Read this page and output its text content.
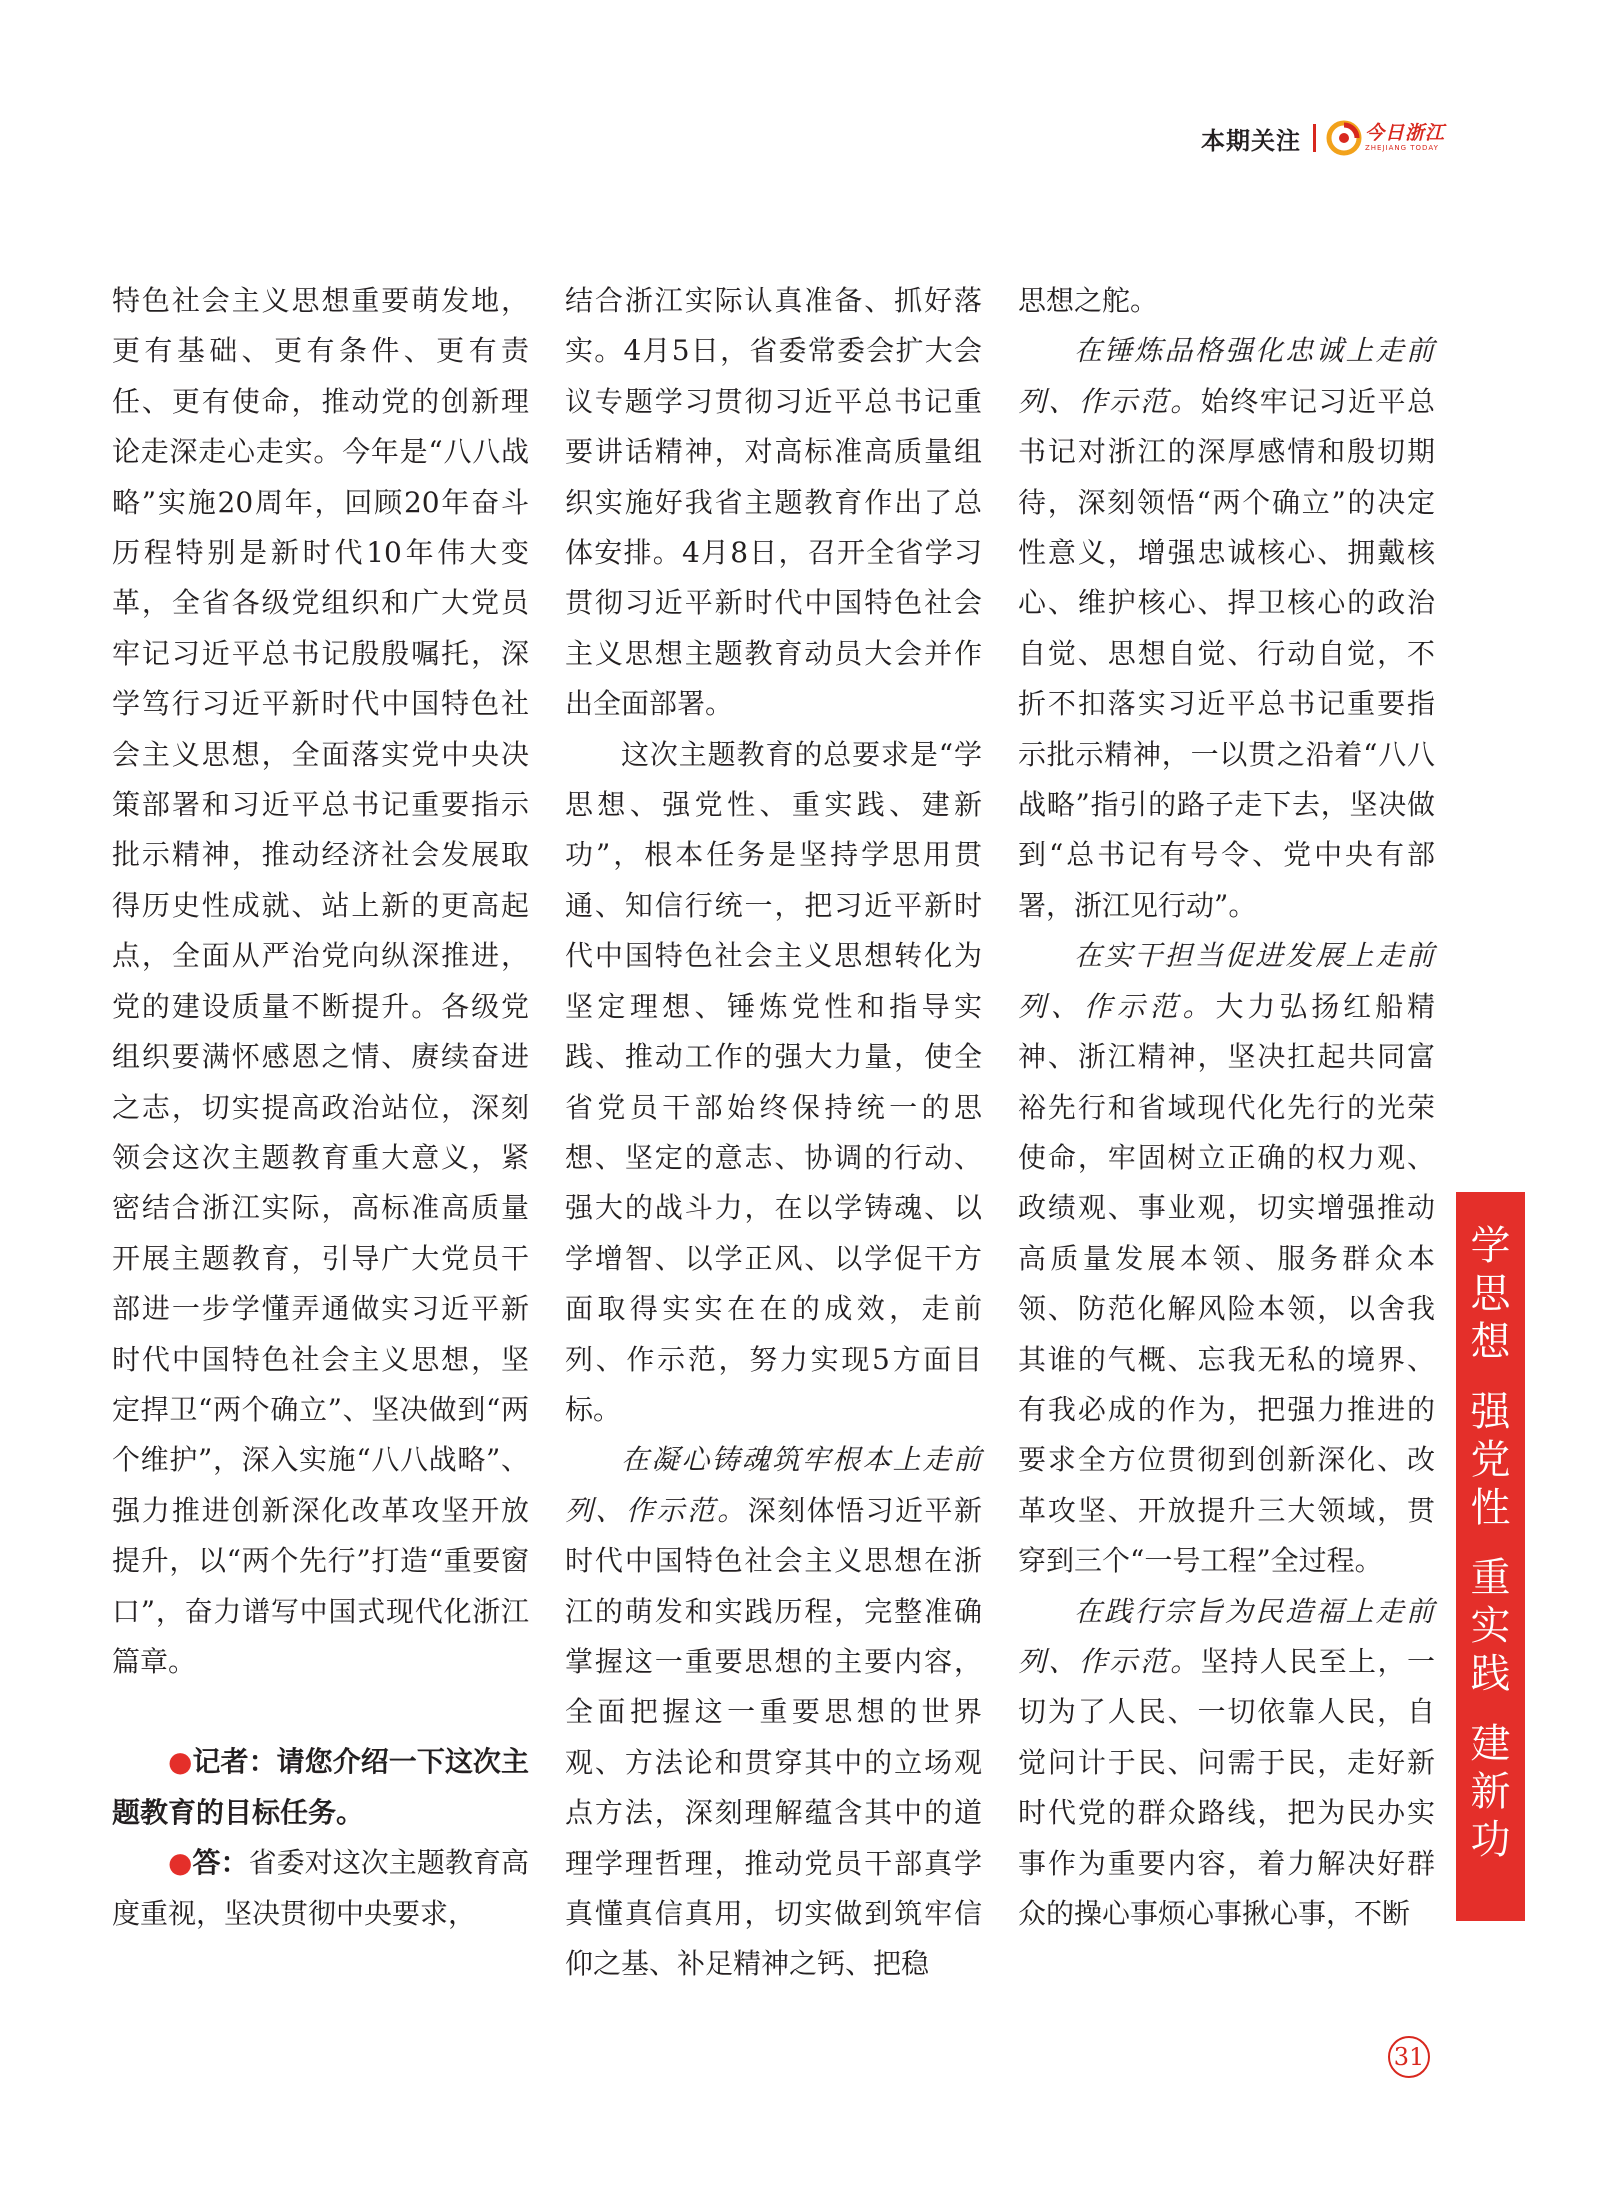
本期关注	今日浙江
ZHEJIANG TODAY

特色社会主义思想重要萌发地，更有基础、更有条件、更有责任、更有使命，推动党的创新理论走深走心走实。今年是“八八战略”实施20周年，回顾20年奋斗历程特别是新时代10年伟大变革，全省各级党组织和广大党员牢记习近平总书记殷殷嘱托，深学笃行习近平新时代中国特色社会主义思想，全面落实党中央决策部署和习近平总书记重要指示批示精神，推动经济社会发展取得历史性成就、站上新的更高起点，全面从严治党向纵深推进，党的建设质量不断提升。各级党组织要满怀感恩之情、赓续奋进之志，切实提高政治站位，深刻领会这次主题教育重大意义，紧密结合浙江实际，高标准高质量开展主题教育，引导广大党员干部进一步学懂弄通做实习近平新时代中国特色社会主义思想，坚定捍卫“两个确立”、坚决做到“两个维护”，深入实施“八八战略”、强力推进创新深化改革攻坚开放提升，以“两个先行”打造“重要窗口”，奋力谱写中国式现代化浙江篇章。

●记者：请您介绍一下这次主题教育的目标任务。

●答：省委对这次主题教育高度重视，坚决贯彻中央要求，

结合浙江实际认真准备、抓好落实。4月5日，省委常委会扩大会议专题学习贯彻习近平总书记重要讲话精神，对高标准高质量组织实施好我省主题教育作出了总体安排。4月8日，召开全省学习贯彻习近平新时代中国特色社会主义思想主题教育动员大会并作出全面部署。

这次主题教育的总要求是“学思想、强党性、重实践、建新功”，根本任务是坚持学思用贯通、知信行统一，把习近平新时代中国特色社会主义思想转化为坚定理想、锤炼党性和指导实践、推动工作的强大力量，使全省党员干部始终保持统一的思想、坚定的意志、协调的行动、强大的战斗力，在以学铸魂、以学增智、以学正风、以学促干方面取得实实在在的成效，走前列、作示范，努力实现5方面目标。

在凝心铸魂筑牢根本上走前列、作示范。深刻体悟习近平新时代中国特色社会主义思想在浙江的萌发和实践历程，完整准确掌握这一重要思想的主要内容，全面把握这一重要思想的世界观、方法论和贯穿其中的立场观点方法，深刻理解蕴含其中的道理学理哲理，推动党员干部真学真懂真信真用，切实做到筑牢信仰之基、补足精神之钙、把稳

思想之舵。

在锤炼品格强化忠诚上走前列、作示范。始终牢记习近平总书记对浙江的深厚感情和殷切期待，深刻领悟“两个确立”的决定性意义，增强忠诚核心、拥戴核心、维护核心、捍卫核心的政治自觉、思想自觉、行动自觉，不折不扣落实习近平总书记重要指示批示精神，一以贯之沿着“八八战略”指引的路子走下去，坚决做到“总书记有号令、党中央有部署，浙江见行动”。

在实干担当促进发展上走前列、作示范。大力弘扬红船精神、浙江精神，坚决扛起共同富裕先行和省域现代化先行的光荣使命，牢固树立正确的权力观、政绩观、事业观，切实增强推动高质量发展本领、服务群众本领、防范化解风险本领，以舍我其谁的气概、忘我无私的境界、有我必成的作为，把强力推进的要求全方位贯彻到创新深化、改革攻坚、开放提升三大领域，贯穿到三个“一号工程”全过程。

在践行宗旨为民造福上走前列、作示范。坚持人民至上，一切为了人民、一切依靠人民，自觉问计于民、问需于民，走好新时代党的群众路线，把为民办实事作为重要内容，着力解决好群众的操心事烦心事揪心事，不断

学
思
想
强
党
性
重
实
践
建
新
功
31
